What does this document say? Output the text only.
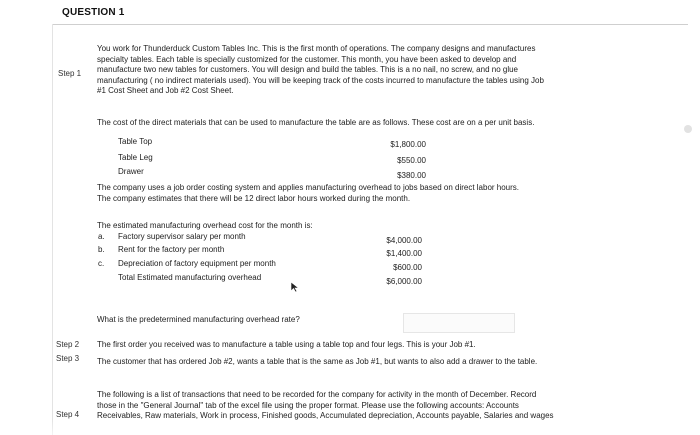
QUESTION 1
Step 1
You work for Thunderduck Custom Tables Inc. This is the first month of operations. The company designs and manufactures
specialty tables. Each table is specially customized for the customer. This month, you have been asked to develop and
manufacture two new tables for customers. You will design and build the tables. This is a no nail, no screw, and no glue
manufacturing ( no indirect materials used). You will be keeping track of the costs incurred to manufacture the tables using Job
#1 Cost Sheet and Job #2 Cost Sheet.
The cost of the direct materials that can be used to manufacture the table are as follows. These cost are on a per unit basis.
Table Top	$1,800.00
Table Leg	$550.00
Drawer	$380.00
The company uses a job order costing system and applies manufacturing overhead to jobs based on direct labor hours.
The company estimates that there will be 12 direct labor hours worked during the month.
The estimated manufacturing overhead cost for the month is:
a. Factory supervisor salary per month	$4,000.00
b. Rent for the factory per month	$1,400.00
c. Depreciation of factory equipment per month	$600.00
Total Estimated manufacturing overhead	$6,000.00
What is the predetermined manufacturing overhead rate?
Step 2 The first order you received was to manufacture a table using a table top and four legs. This is your Job #1.
Step 3 The customer that has ordered Job #2, wants a table that is the same as Job #1, but wants to also add a drawer to the table.
Step 4
The following is a list of transactions that need to be recorded for the company for activity in the month of December. Record
those in the "General Journal" tab of the excel file using the proper format. Please use the following accounts: Accounts
Receivables, Raw materials, Work in process, Finished goods, Accumulated depreciation, Accounts payable, Salaries and wages
